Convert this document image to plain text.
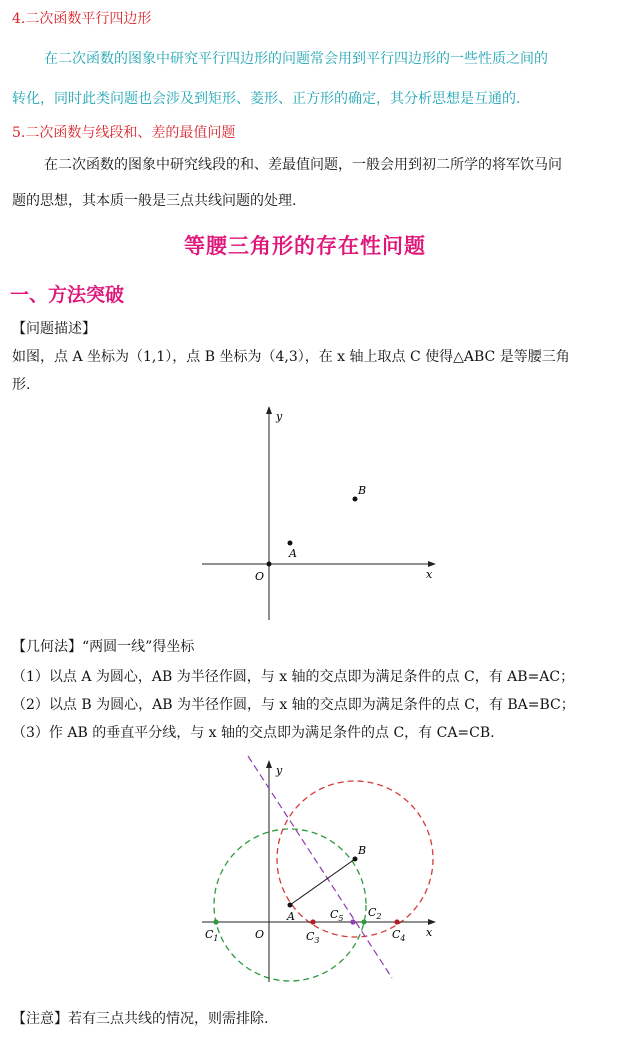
4.二次函数平行四边形
在二次函数的图象中研究平行四边形的问题常会用到平行四边形的一些性质之间的
转化，同时此类问题也会涉及到矩形、菱形、正方形的确定，其分析思想是互通的.
5.二次函数与线段和、差的最值问题
在二次函数的图象中研究线段的和、差最值问题，一般会用到初二所学的将军饮马问
题的思想，其本质一般是三点共线问题的处理.
等腰三角形的存在性问题
一、方法突破
【问题描述】
如图，点 A 坐标为（1,1），点 B 坐标为（4,3），在 x 轴上取点 C 使得△ABC 是等腰三角
形.
y
x
O
A
B
【几何法】“两圆一线”得坐标
（1）以点 A 为圆心，AB 为半径作圆，与 x 轴的交点即为满足条件的点 C，有 AB=AC；
（2）以点 B 为圆心，AB 为半径作圆，与 x 轴的交点即为满足条件的点 C，有 BA=BC；
（3）作 AB 的垂直平分线，与 x 轴的交点即为满足条件的点 C，有 CA=CB.
y
x
O
A
B
$C_1$	$C_3$
$C_5$ $C_2$
$C_4$
【注意】若有三点共线的情况，则需排除.
